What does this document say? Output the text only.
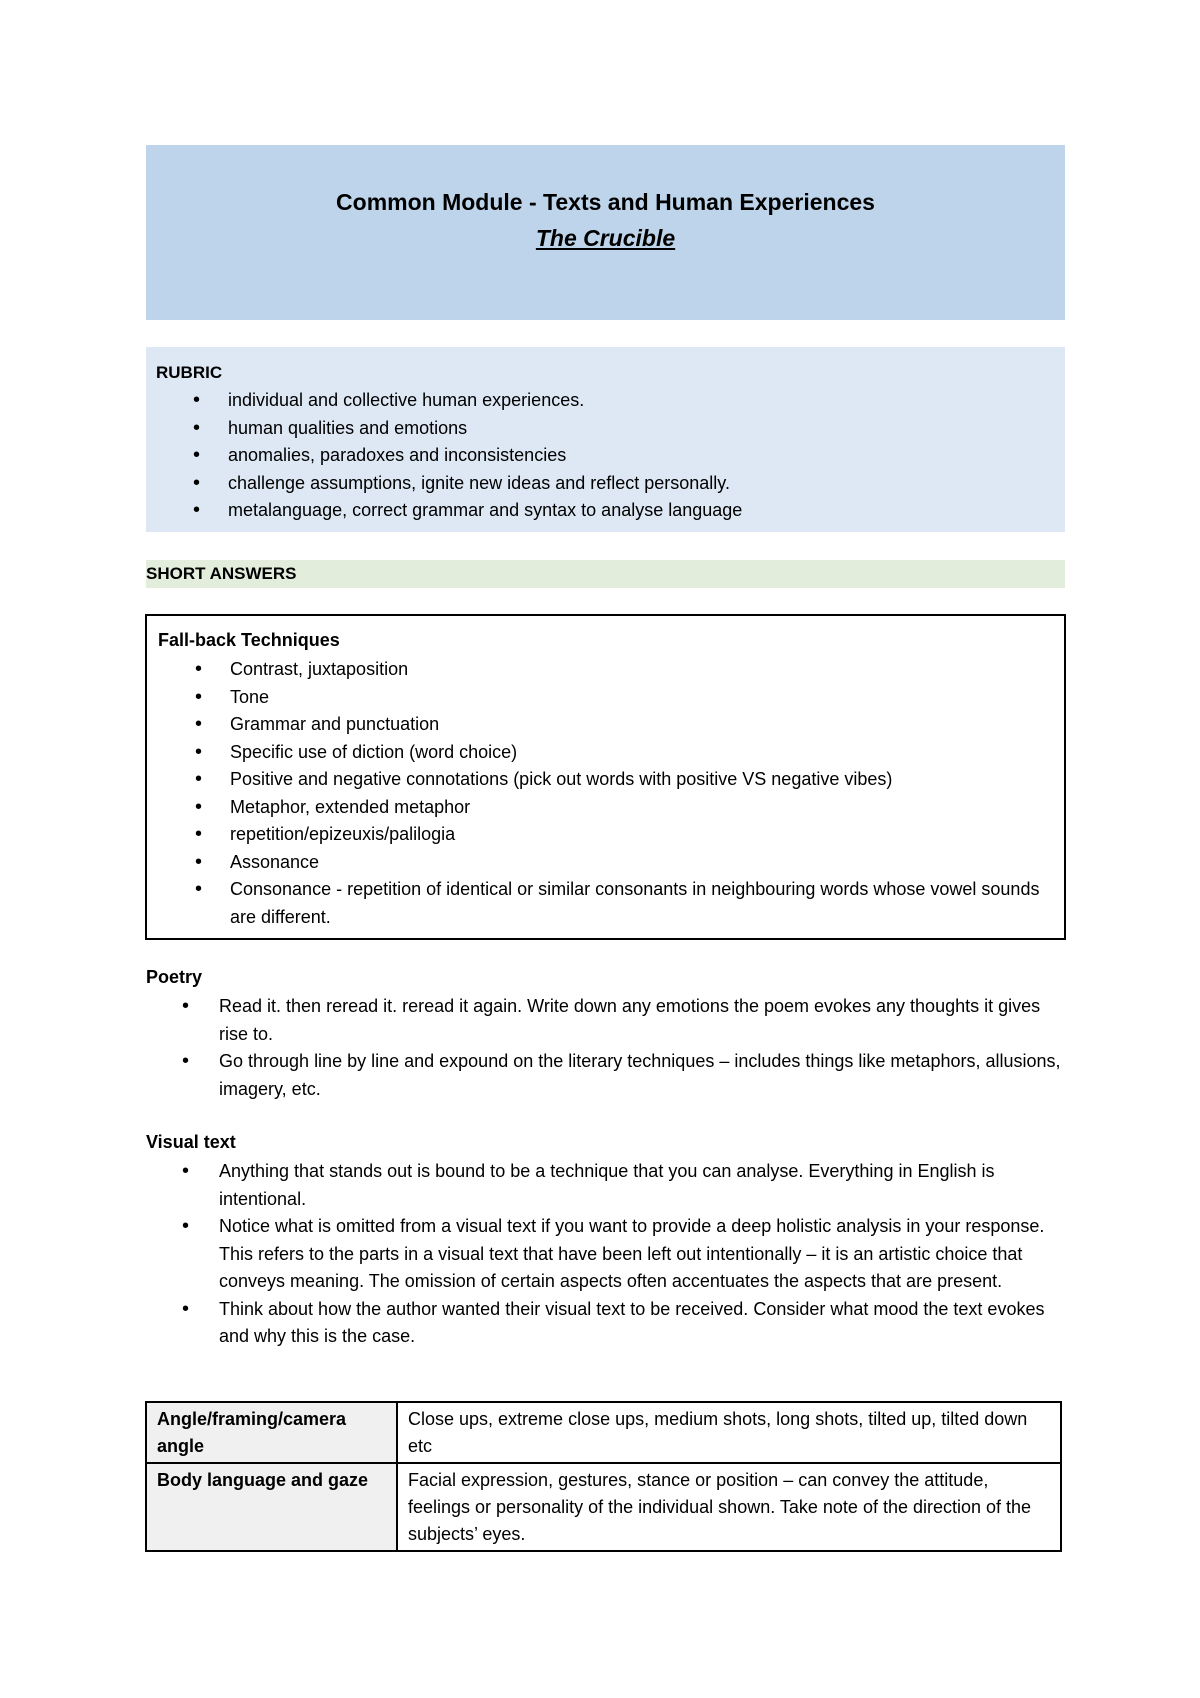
Common Module - Texts and Human Experiences
The Crucible
RUBRIC
• individual and collective human experiences.
• human qualities and emotions
• anomalies, paradoxes and inconsistencies
• challenge assumptions, ignite new ideas and reflect personally.
• metalanguage, correct grammar and syntax to analyse language
SHORT ANSWERS
Fall-back Techniques
• Contrast, juxtaposition
• Tone
• Grammar and punctuation
• Specific use of diction (word choice)
• Positive and negative connotations (pick out words with positive VS negative vibes)
• Metaphor, extended metaphor
• repetition/epizeuxis/palilogia
• Assonance
• Consonance - repetition of identical or similar consonants in neighbouring words whose vowel sounds are different.
Poetry
• Read it. then reread it. reread it again. Write down any emotions the poem evokes any thoughts it gives rise to.
• Go through line by line and expound on the literary techniques – includes things like metaphors, allusions, imagery, etc.
Visual text
• Anything that stands out is bound to be a technique that you can analyse. Everything in English is intentional.
• Notice what is omitted from a visual text if you want to provide a deep holistic analysis in your response. This refers to the parts in a visual text that have been left out intentionally – it is an artistic choice that conveys meaning. The omission of certain aspects often accentuates the aspects that are present.
• Think about how the author wanted their visual text to be received. Consider what mood the text evokes and why this is the case.
Angle/framing/camera angle	Close ups, extreme close ups, medium shots, long shots, tilted up, tilted down etc
Body language and gaze	Facial expression, gestures, stance or position – can convey the attitude, feelings or personality of the individual shown. Take note of the direction of the subjects’ eyes.
